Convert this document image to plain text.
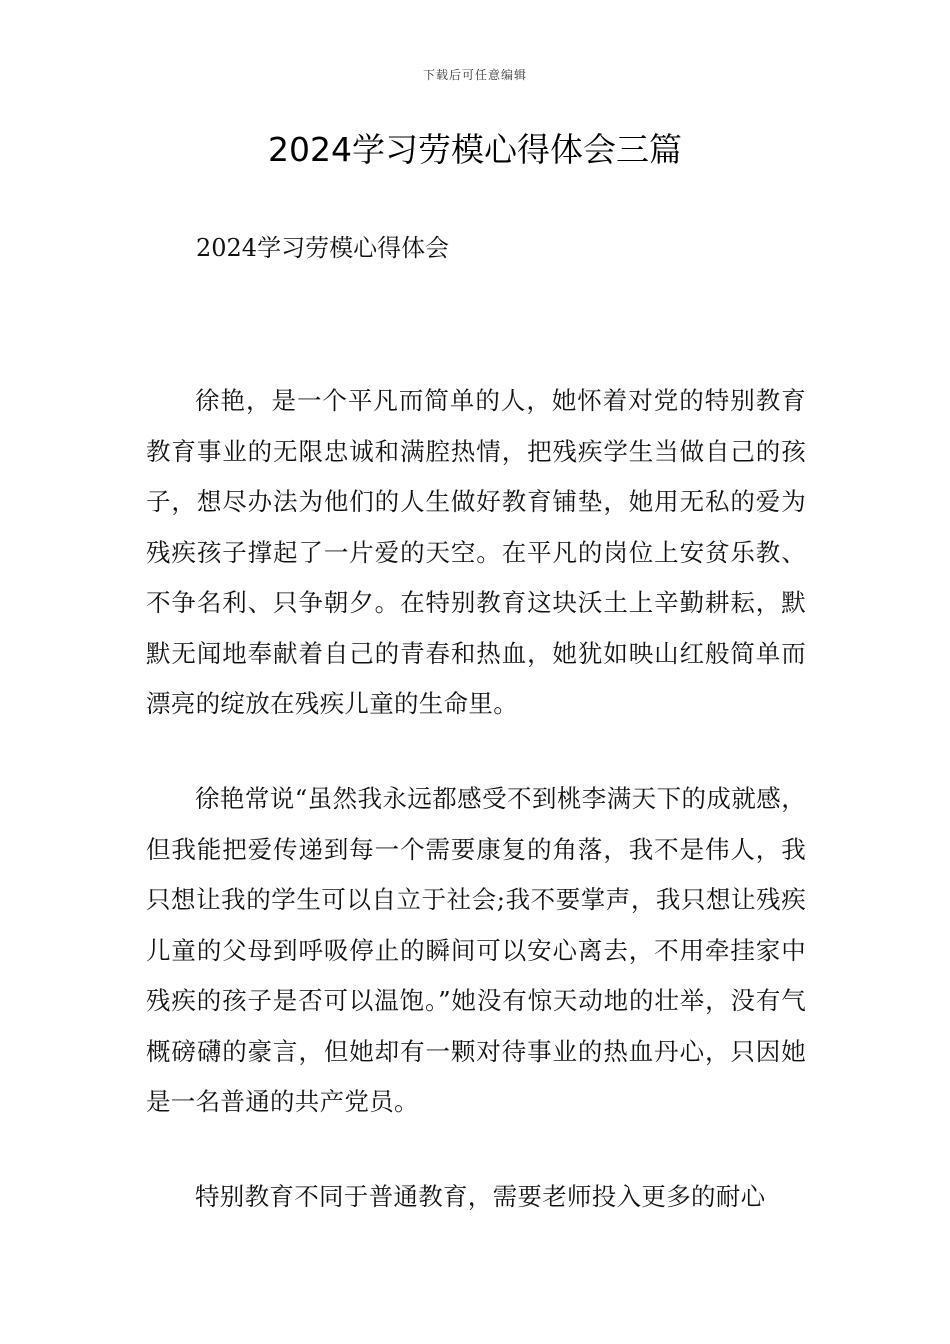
下载后可任意编辑
2024学习劳模心得体会三篇

2024学习劳模心得体会

徐艳，是一个平凡而简单的人，她怀着对党的特别教育教育事业的无限忠诚和满腔热情，把残疾学生当做自己的孩子，想尽办法为他们的人生做好教育铺垫，她用无私的爱为残疾孩子撑起了一片爱的天空。在平凡的岗位上安贫乐教、不争名利、只争朝夕。在特别教育这块沃土上辛勤耕耘，默默无闻地奉献着自己的青春和热血，她犹如映山红般简单而漂亮的绽放在残疾儿童的生命里。

徐艳常说“虽然我永远都感受不到桃李满天下的成就感，但我能把爱传递到每一个需要康复的角落，我不是伟人，我只想让我的学生可以自立于社会;我不要掌声，我只想让残疾儿童的父母到呼吸停止的瞬间可以安心离去，不用牵挂家中残疾的孩子是否可以温饱。”她没有惊天动地的壮举，没有气概磅礴的豪言，但她却有一颗对待事业的热血丹心，只因她是一名普通的共产党员。

特别教育不同于普通教育，需要老师投入更多的耐心
